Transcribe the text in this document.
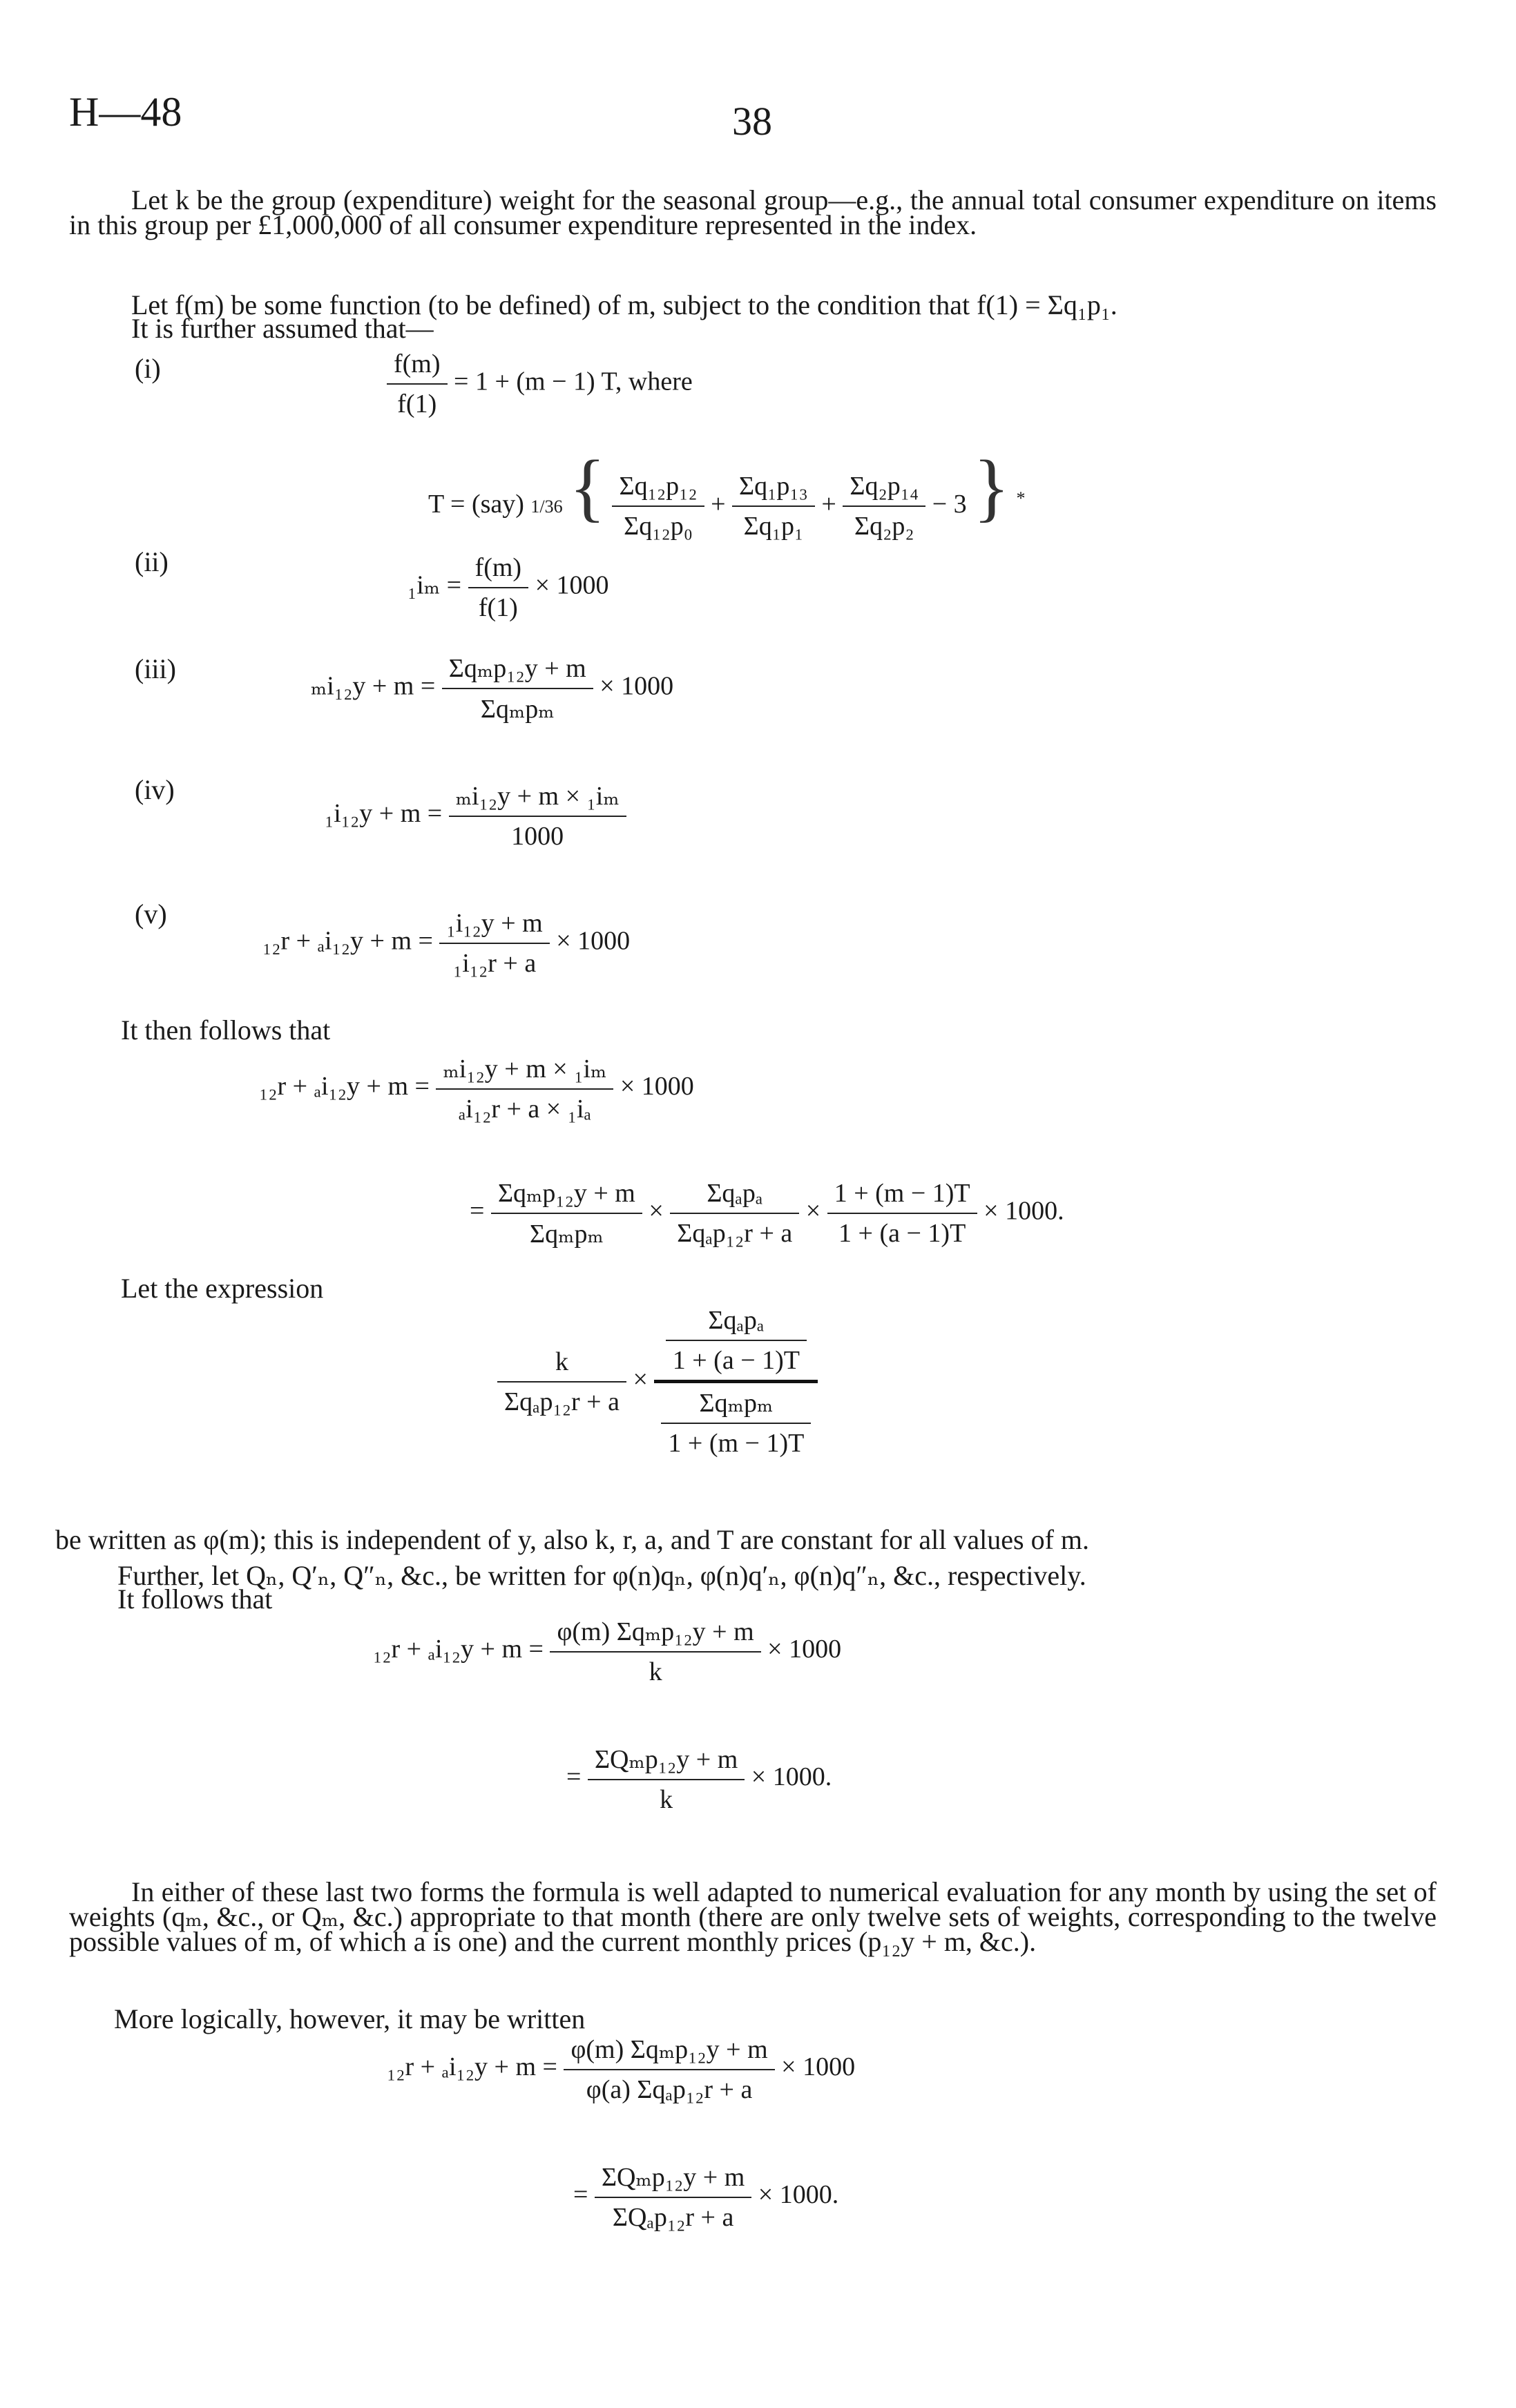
H—48	38
Let k be the group (expenditure) weight for the seasonal group—e.g., the annual total consumer expenditure on items in this group per £1,000,000 of all consumer expenditure represented in the index.
Let f(m) be some function (to be defined) of m, subject to the condition that f(1) = Σq₁p₁.
It is further assumed that—
(i)	$\frac{f(m)}{f(1)} = 1 + (m - 1)$ T, where
T = (say) 1/36 { $\frac{\text{Σq₁₂p₁₂}}{\text{Σq₁₂p₀}} + \frac{\text{Σq₁p₁₃}}{\text{Σq₁p₁}} + \frac{\text{Σq₂p₁₄}}{\text{Σq₂p₂}} - 3$ } *
(ii)
$_1i_m = \frac{f(m)}{f(1)} \times 1000$
(iii)
$_mi_{12}y + m = \frac{\text{Σqₘp₁₂y + m}}{\text{Σqₘpₘ}} \times 1000$
(iv)
$_1i_{12}y + m = \frac{\text{ₘi₁₂y + m × ₁iₘ}}{1000}$
(v)
$_{12}r + _ai_{12}y + m = \frac{\text{₁i₁₂y + m}}{\text{₁i₁₂r + a}} \times 1000$
It then follows that
$_{12}r + _ai_{12}y + m = \frac{\text{ₘi₁₂y + m × ₁iₘ}}{\text{ₐi₁₂r + a × ₁iₐ}} \times 1000$
= $\frac{\text{Σqₘp₁₂y + m}}{\text{Σqₘpₘ}} \times \frac{\text{Σqₐpₐ}}{\text{Σqₐp₁₂r + a}} \times \frac{1 + (m - 1)T}{1 + (a - 1)T} \times 1000$.
Let the expression
$\frac{k}{\text{Σqₐp₁₂r + a}} \times \frac{\frac{\text{Σqₐpₐ}}{1 + (a - 1)T}}{\frac{\text{Σqₘpₘ}}{1 + (m - 1)T}}$
be written as φ(m); this is independent of y, also k, r, a, and T are constant for all values of m.
Further, let Qₙ, Q′ₙ, Q″ₙ, &c., be written for φ(n)qₙ, φ(n)q′ₙ, φ(n)q″ₙ, &c., respectively.
It follows that
$_{12}r + _ai_{12}y + m = \frac{\text{φ(m) Σqₘp₁₂y + m}}{k} \times 1000$
= $\frac{\text{ΣQₘp₁₂y + m}}{k} \times 1000$.
In either of these last two forms the formula is well adapted to numerical evaluation for any month by using the set of weights (qₘ, &c., or Qₘ, &c.) appropriate to that month (there are only twelve sets of weights, corresponding to the twelve possible values of m, of which a is one) and the current monthly prices (p₁₂y + m, &c.).
More logically, however, it may be written
$_{12}r + _ai_{12}y + m = \frac{\text{φ(m) Σqₘp₁₂y + m}}{\text{φ(a) Σqₐp₁₂r + a}} \times 1000$
= $\frac{\text{ΣQₘp₁₂y + m}}{\text{ΣQₐp₁₂r + a}} \times 1000$.
